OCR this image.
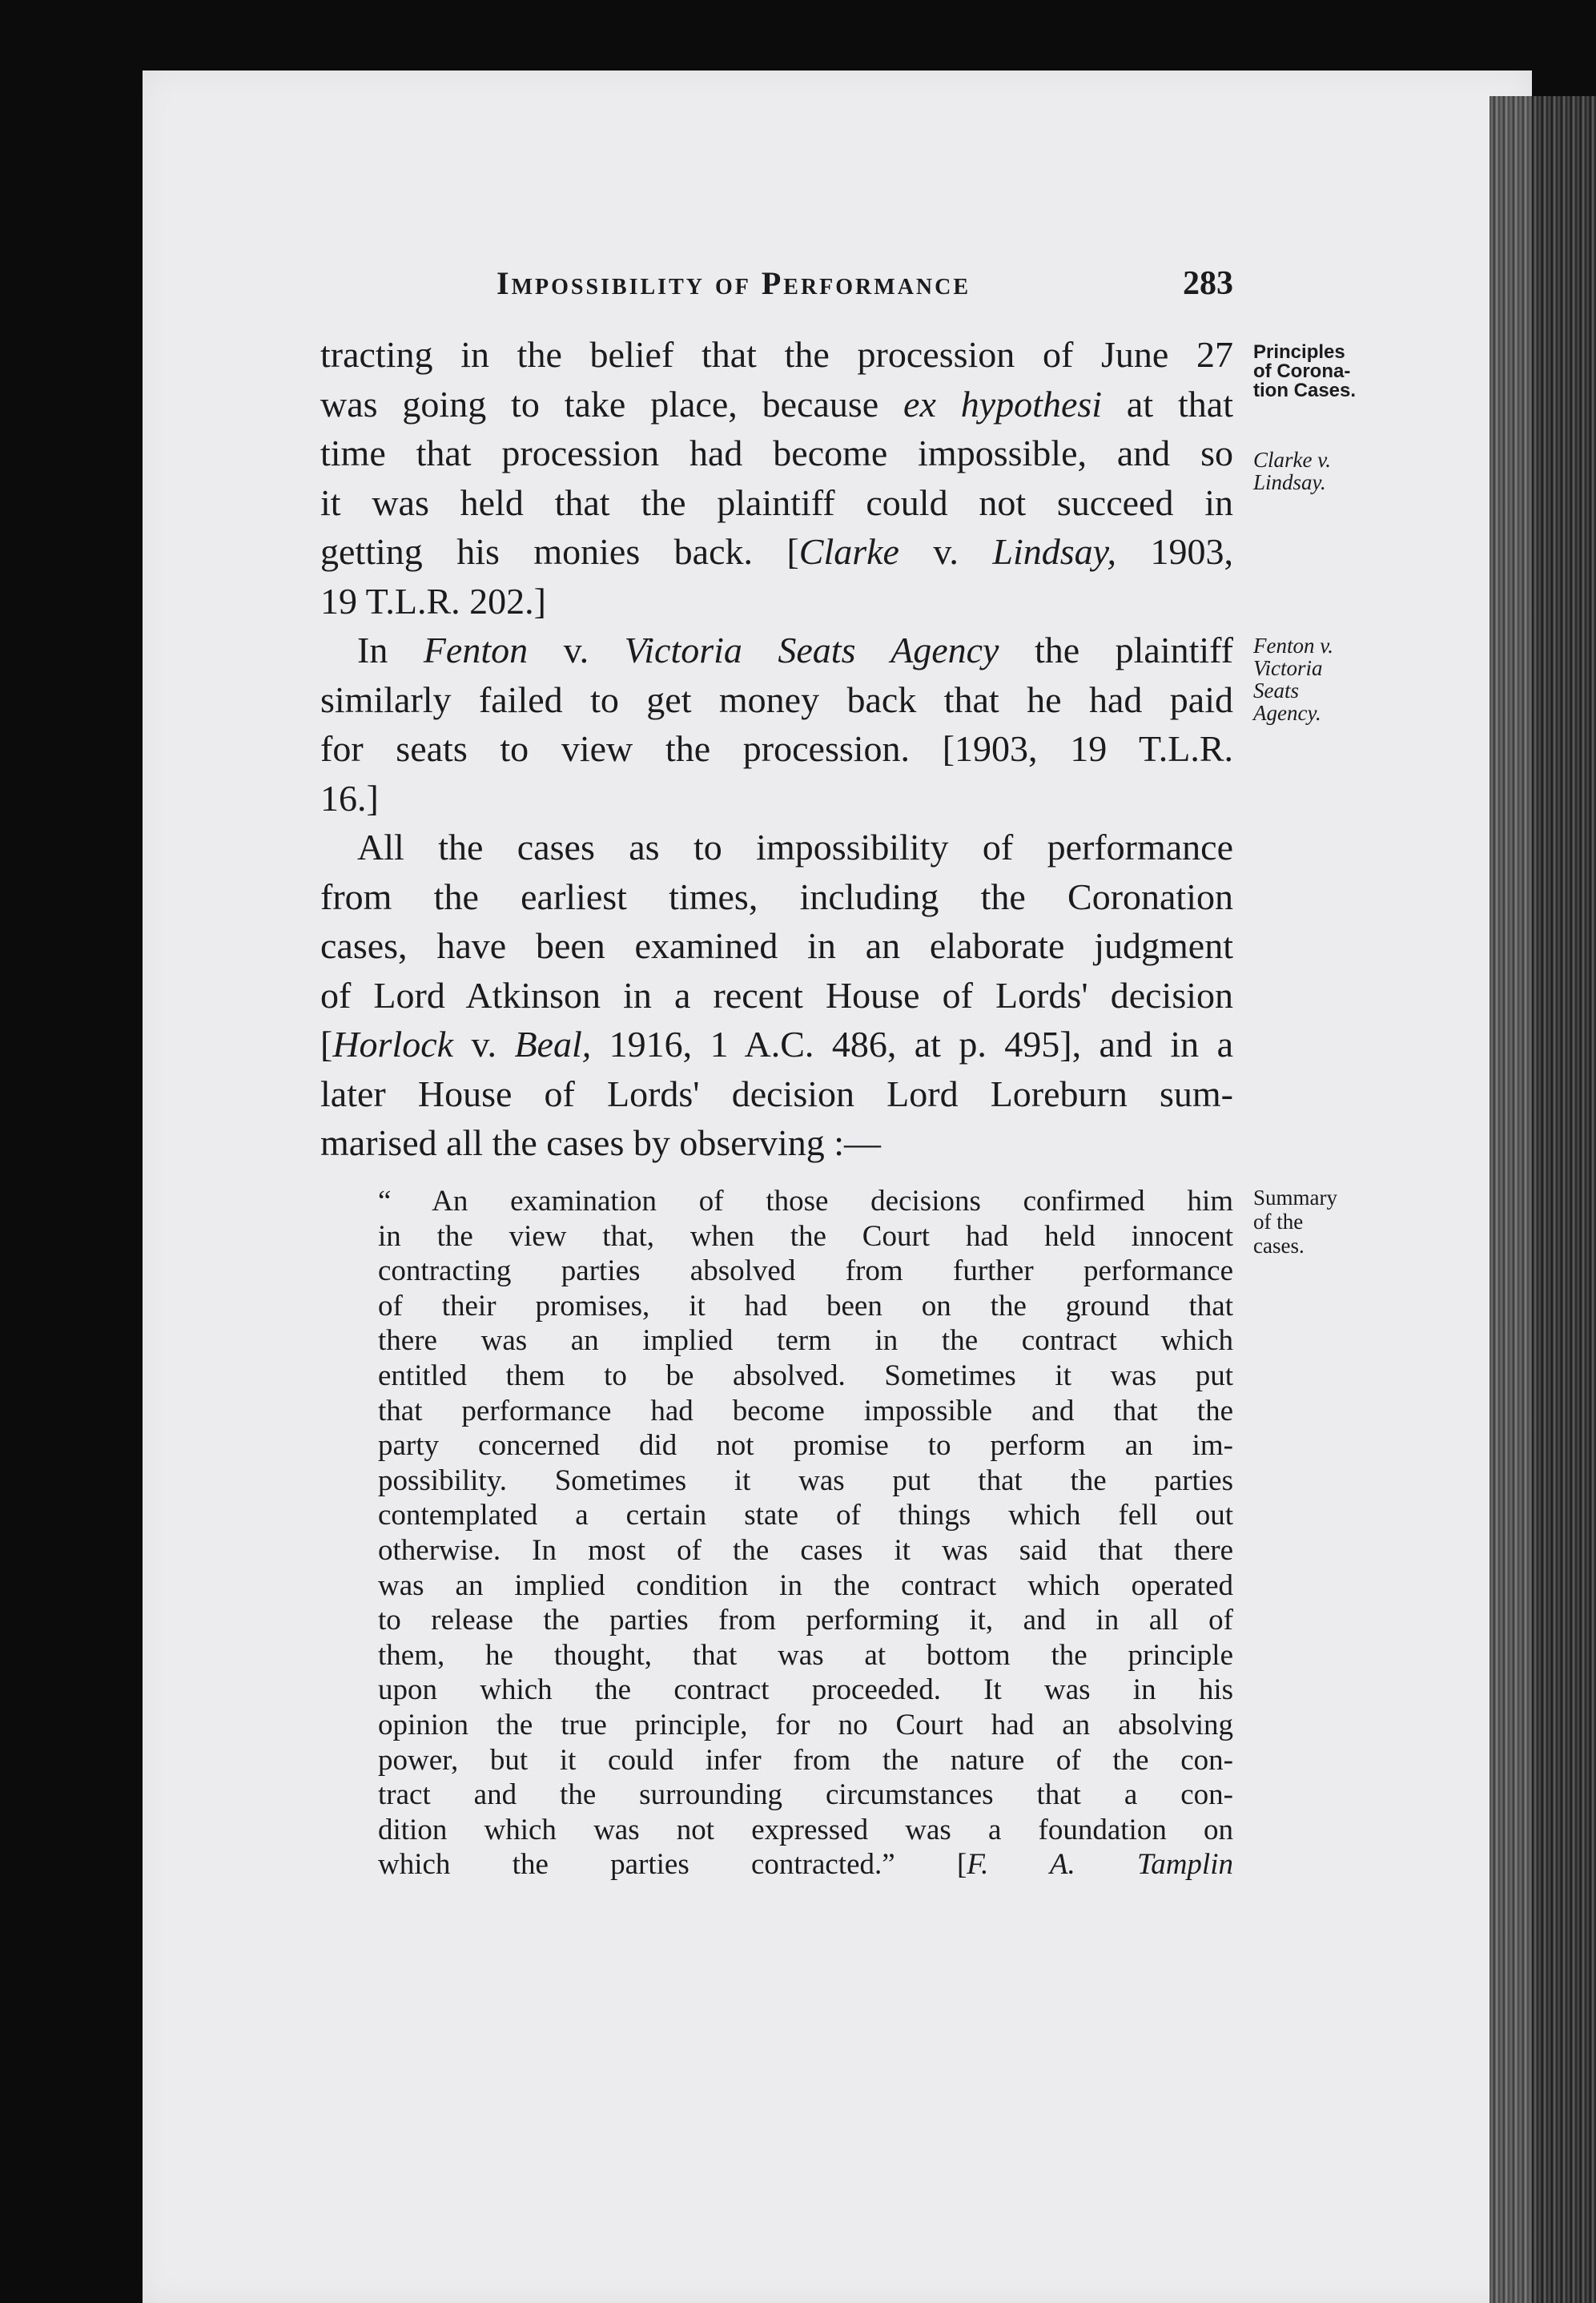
Impossibility of Performance	283
tracting in the belief that the procession of June 27
was going to take place, because ex hypothesi at that
time that procession had become impossible, and so
it was held that the plaintiff could not succeed in
getting his monies back. [Clarke v. Lindsay, 1903,
19 T.L.R. 202.]
In Fenton v. Victoria Seats Agency the plaintiff
similarly failed to get money back that he had paid
for seats to view the procession. [1903, 19 T.L.R.
16.]
All the cases as to impossibility of performance
from the earliest times, including the Coronation
cases, have been examined in an elaborate judgment
of Lord Atkinson in a recent House of Lords' decision
[Horlock v. Beal, 1916, 1 A.C. 486, at p. 495], and in a
later House of Lords' decision Lord Loreburn sum-
marised all the cases by observing :—
“ An examination of those decisions confirmed him
in the view that, when the Court had held innocent
contracting parties absolved from further performance
of their promises, it had been on the ground that
there was an implied term in the contract which
entitled them to be absolved. Sometimes it was put
that performance had become impossible and that the
party concerned did not promise to perform an im-
possibility. Sometimes it was put that the parties
contemplated a certain state of things which fell out
otherwise. In most of the cases it was said that there
was an implied condition in the contract which operated
to release the parties from performing it, and in all of
them, he thought, that was at bottom the principle
upon which the contract proceeded. It was in his
opinion the true principle, for no Court had an absolving
power, but it could infer from the nature of the con-
tract and the surrounding circumstances that a con-
dition which was not expressed was a foundation on
which the parties contracted.” [F. A. Tamplin
Principles
of Corona-
tion Cases.
Clarke v.
Lindsay.
Fenton v.
Victoria
Seats
Agency.
Summary
of the
cases.
